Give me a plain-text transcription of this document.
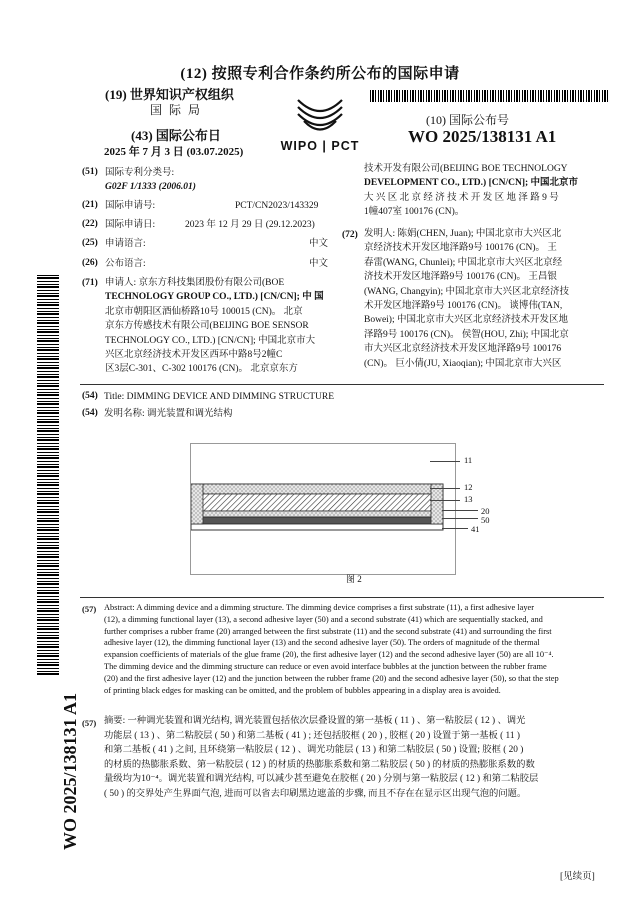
(12) 按照专利合作条约所公布的国际申请
(19) 世界知识产权组织
国 际 局
(43) 国际公布日
2025 年 7 月 3 日 (03.07.2025)	WIPO | PCT
(10) 国际公布号
WO 2025/138131 A1
(51) 国际专利分类号:
G02F 1/1333 (2006.01)
(21) 国际申请号:	PCT/CN2023/143329
(22) 国际申请日:	2023 年 12 月 29 日 (29.12.2023)
(25) 申请语言:	中文
(26) 公布语言:	中文
(71) 申请人: 京东方科技集团股份有限公司(BOE
TECHNOLOGY GROUP CO., LTD.) [CN/CN]; 中 国
北京市朝阳区酒仙桥路10号 100015 (CN)。 北京
京东方传感技术有限公司(BEIJING BOE SENSOR
TECHNOLOGY CO., LTD.) [CN/CN]; 中国北京市大
兴区北京经济技术开发区西环中路8号2幢C
区3层C-301、C-302 100176 (CN)。 北京京东方
技术开发有限公司(BEIJING BOE TECHNOLOGY
DEVELOPMENT CO., LTD.) [CN/CN]; 中国北京市
大 兴 区 北 京 经 济 技 术 开 发 区 地 泽 路 9 号
1幢407室 100176 (CN)。
(72) 发明人: 陈娟(CHEN, Juan); 中国北京市大兴区北
京经济技术开发区地泽路9号 100176 (CN)。 王
春雷(WANG, Chunlei); 中国北京市大兴区北京经
济技术开发区地泽路9号 100176 (CN)。 王昌银
(WANG, Changyin); 中国北京市大兴区北京经济技
术开发区地泽路9号 100176 (CN)。 谈博伟(TAN,
Bowei); 中国北京市大兴区北京经济技术开发区地
泽路9号 100176 (CN)。 侯智(HOU, Zhi); 中国北京
市大兴区北京经济技术开发区地泽路9号 100176
(CN)。 巨小倩(JU, Xiaoqian); 中国北京市大兴区
(54) Title: DIMMING DEVICE AND DIMMING STRUCTURE
(54) 发明名称: 调光装置和调光结构
11
12
13
20
50
41
图 2
(57) Abstract: A dimming device and a dimming structure. The dimming device comprises a first substrate (11), a first adhesive layer
(12), a dimming functional layer (13), a second adhesive layer (50) and a second substrate (41) which are sequentially stacked, and
further comprises a rubber frame (20) arranged between the first substrate (11) and the second substrate (41) and surrounding the first
adhesive layer (12), the dimming functional layer (13) and the second adhesive layer (50). The orders of magnitude of the thermal
expansion coefficients of materials of the glue frame (20), the first adhesive layer (12) and the second adhesive layer (50) are all 10⁻⁴.
The dimming device and the dimming structure can reduce or even avoid interface bubbles at the junction between the rubber frame
(20) and the first adhesive layer (12) and the junction between the rubber frame (20) and the second adhesive layer (50), so that the step
of printing black edges for masking can be omitted, and the problem of bubbles appearing in a display area is avoided.
(57) 摘要: 一种调光装置和调光结构, 调光装置包括依次层叠设置的第一基板 ( 11 ) 、第一粘胶层 ( 12 ) 、调光
功能层 ( 13 ) 、第二粘胶层 ( 50 ) 和第二基板 ( 41 ) ; 还包括胶框 ( 20 ) , 胶框 ( 20 ) 设置于第一基板 ( 11 )
和第二基板 ( 41 ) 之间, 且环绕第一粘胶层 ( 12 ) 、调光功能层 ( 13 ) 和第二粘胶层 ( 50 ) 设置; 胶框 ( 20 )
的材质的热膨胀系数、第一粘胶层 ( 12 ) 的材质的热膨胀系数和第二粘胶层 ( 50 ) 的材质的热膨胀系数的数
量级均为10⁻⁴。调光装置和调光结构, 可以减少甚至避免在胶框 ( 20 ) 分别与第一粘胶层 ( 12 ) 和第二粘胶层
( 50 ) 的交界处产生界面气泡, 进而可以省去印刷黑边遮盖的步骤, 而且不存在在显示区出现气泡的问题。
[见续页]
WO 2025/138131 A1
